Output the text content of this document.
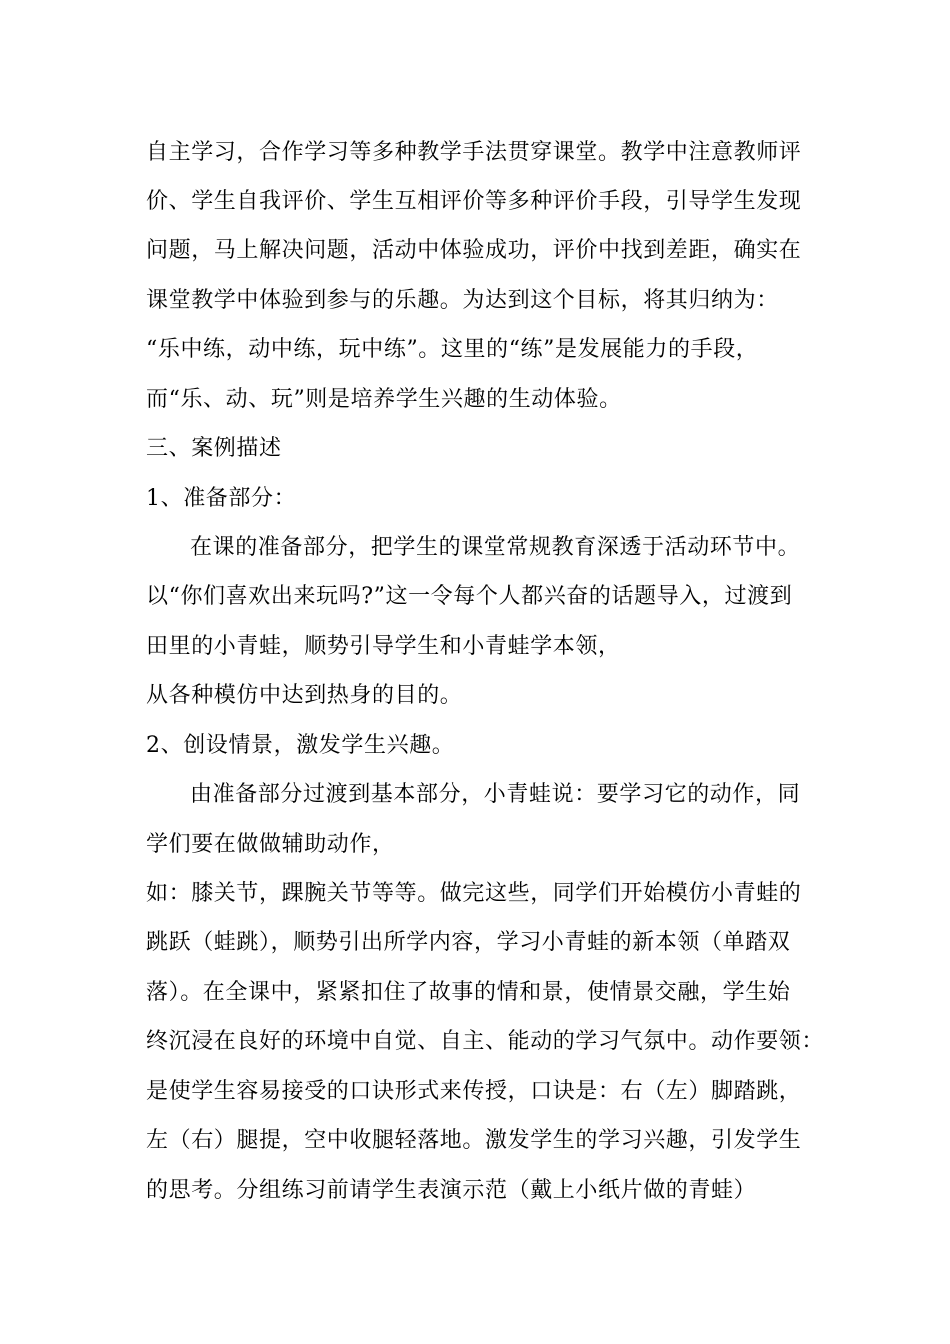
自主学习，合作学习等多种教学手法贯穿课堂。教学中注意教师评
价、学生自我评价、学生互相评价等多种评价手段，引导学生发现
问题，马上解决问题，活动中体验成功，评价中找到差距，确实在
课堂教学中体验到参与的乐趣。为达到这个目标，将其归纳为：
“乐中练，动中练，玩中练”。这里的“练”是发展能力的手段，
而“乐、动、玩”则是培养学生兴趣的生动体验。
三、案例描述
1、准备部分：
在课的准备部分，把学生的课堂常规教育深透于活动环节中。
以“你们喜欢出来玩吗?”这一令每个人都兴奋的话题导入，过渡到
田里的小青蛙，顺势引导学生和小青蛙学本领，
从各种模仿中达到热身的目的。
2、创设情景，激发学生兴趣。
由准备部分过渡到基本部分，小青蛙说：要学习它的动作，同
学们要在做做辅助动作，
如：膝关节，踝腕关节等等。做完这些，同学们开始模仿小青蛙的
跳跃（蛙跳），顺势引出所学内容，学习小青蛙的新本领（单踏双
落）。在全课中，紧紧扣住了故事的情和景，使情景交融，学生始
终沉浸在良好的环境中自觉、自主、能动的学习气氛中。动作要领：
是使学生容易接受的口诀形式来传授，口诀是：右（左）脚踏跳，
左（右）腿提，空中收腿轻落地。激发学生的学习兴趣，引发学生
的思考。分组练习前请学生表演示范（戴上小纸片做的青蛙）
